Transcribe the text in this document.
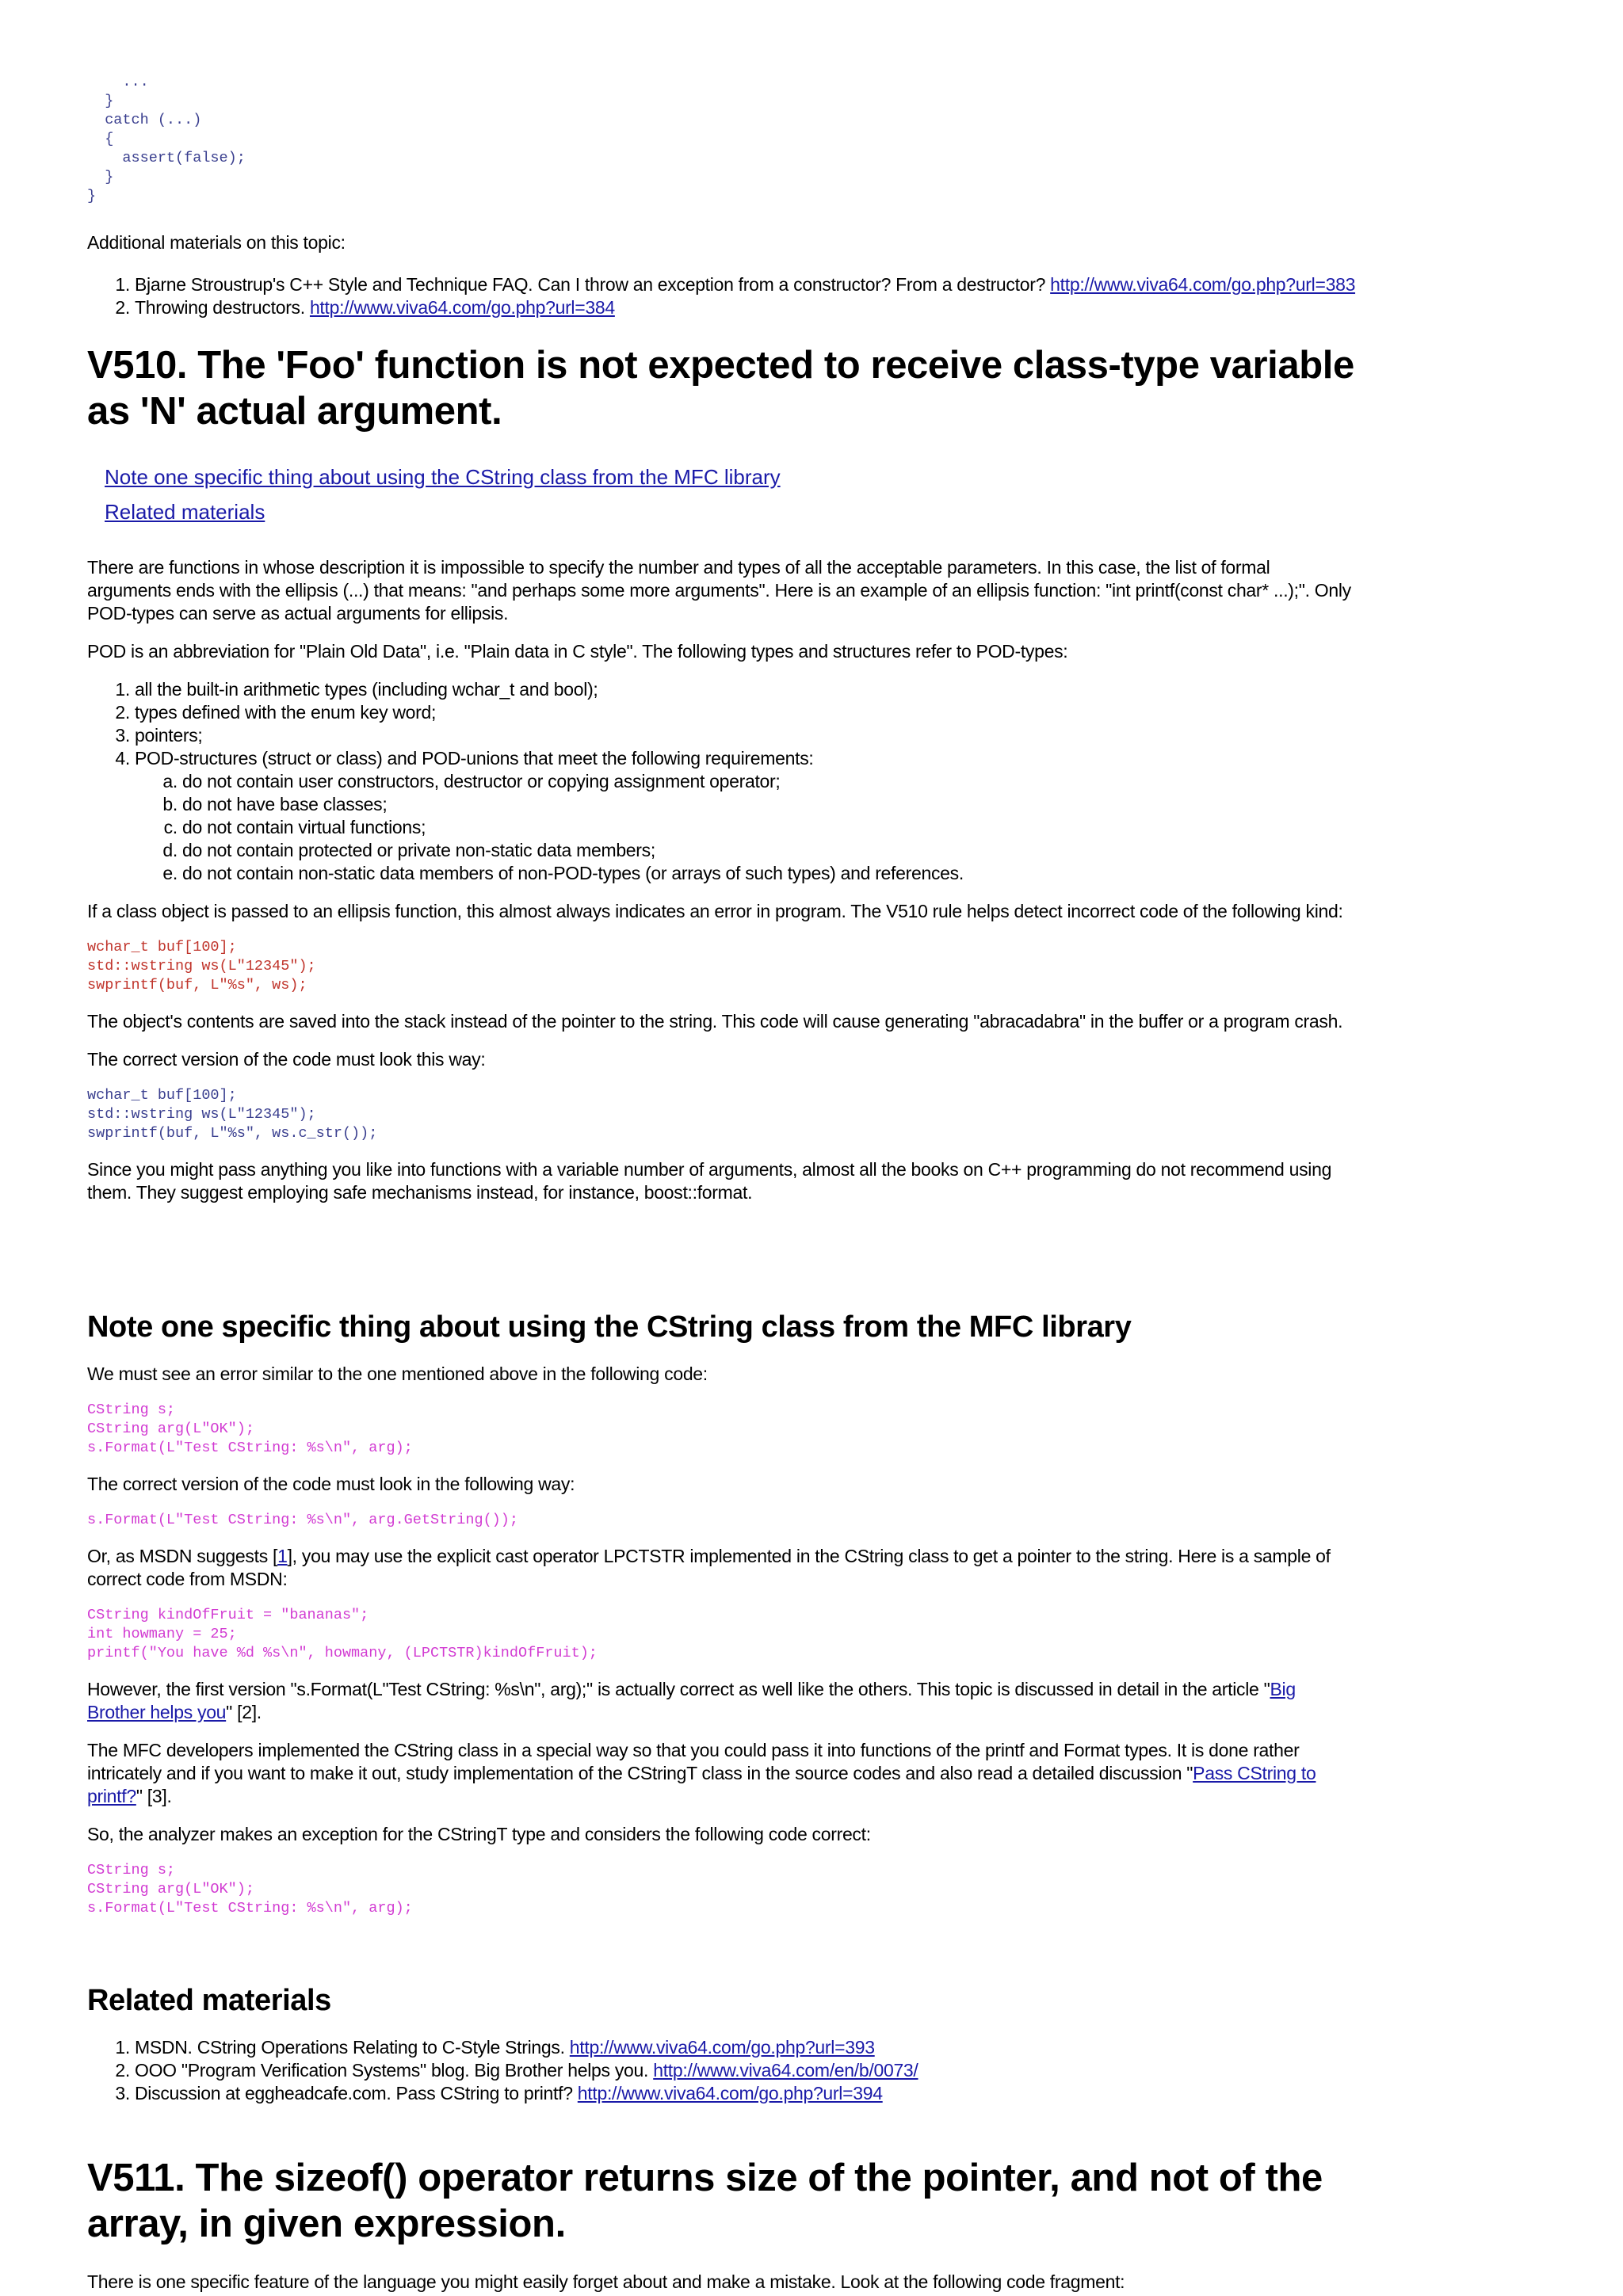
...
}
catch (...)
{
assert(false);
}
}

Additional materials on this topic:

1. Bjarne Stroustrup's C++ Style and Technique FAQ. Can I throw an exception from a constructor? From a destructor? http://www.viva64.com/go.php?url=383
2. Throwing destructors. http://www.viva64.com/go.php?url=384
V510. The 'Foo' function is not expected to receive class-type variable
as 'N' actual argument.
Note one specific thing about using the CString class from the MFC library
Related materials

There are functions in whose description it is impossible to specify the number and types of all the acceptable parameters. In this case, the list of formal
arguments ends with the ellipsis (...) that means: "and perhaps some more arguments". Here is an example of an ellipsis function: "int printf(const char* ...);". Only
POD-types can serve as actual arguments for ellipsis.

POD is an abbreviation for "Plain Old Data", i.e. "Plain data in C style". The following types and structures refer to POD-types:

1. all the built-in arithmetic types (including wchar_t and bool);
2. types defined with the enum key word;
3. pointers;
4. POD-structures (struct or class) and POD-unions that meet the following requirements:
a. do not contain user constructors, destructor or copying assignment operator;
b. do not have base classes;
c. do not contain virtual functions;
d. do not contain protected or private non-static data members;
e. do not contain non-static data members of non-POD-types (or arrays of such types) and references.

If a class object is passed to an ellipsis function, this almost always indicates an error in program. The V510 rule helps detect incorrect code of the following kind:

wchar_t buf[100];
std::wstring ws(L"12345");
swprintf(buf, L"%s", ws);

The object's contents are saved into the stack instead of the pointer to the string. This code will cause generating "abracadabra" in the buffer or a program crash.

The correct version of the code must look this way:

wchar_t buf[100];
std::wstring ws(L"12345");
swprintf(buf, L"%s", ws.c_str());

Since you might pass anything you like into functions with a variable number of arguments, almost all the books on C++ programming do not recommend using
them. They suggest employing safe mechanisms instead, for instance, boost::format.

Note one specific thing about using the CString class from the MFC library

We must see an error similar to the one mentioned above in the following code:

CString s;
CString arg(L"OK");
s.Format(L"Test CString: %s\n", arg);

The correct version of the code must look in the following way:

s.Format(L"Test CString: %s\n", arg.GetString());

Or, as MSDN suggests [1], you may use the explicit cast operator LPCTSTR implemented in the CString class to get a pointer to the string. Here is a sample of
correct code from MSDN:

CString kindOfFruit = "bananas";
int howmany = 25;
printf("You have %d %s\n", howmany, (LPCTSTR)kindOfFruit);

However, the first version "s.Format(L"Test CString: %s\n", arg);" is actually correct as well like the others. This topic is discussed in detail in the article "Big
Brother helps you" [2].

The MFC developers implemented the CString class in a special way so that you could pass it into functions of the printf and Format types. It is done rather
intricately and if you want to make it out, study implementation of the CStringT class in the source codes and also read a detailed discussion "Pass CString to
printf?" [3].

So, the analyzer makes an exception for the CStringT type and considers the following code correct:

CString s;
CString arg(L"OK");
s.Format(L"Test CString: %s\n", arg);
Related materials
1. MSDN. CString Operations Relating to C-Style Strings. http://www.viva64.com/go.php?url=393
2. OOO "Program Verification Systems" blog. Big Brother helps you. http://www.viva64.com/en/b/0073/
3. Discussion at eggheadcafe.com. Pass CString to printf? http://www.viva64.com/go.php?url=394
V511. The sizeof() operator returns size of the pointer, and not of the
array, in given expression.

There is one specific feature of the language you might easily forget about and make a mistake. Look at the following code fragment:
